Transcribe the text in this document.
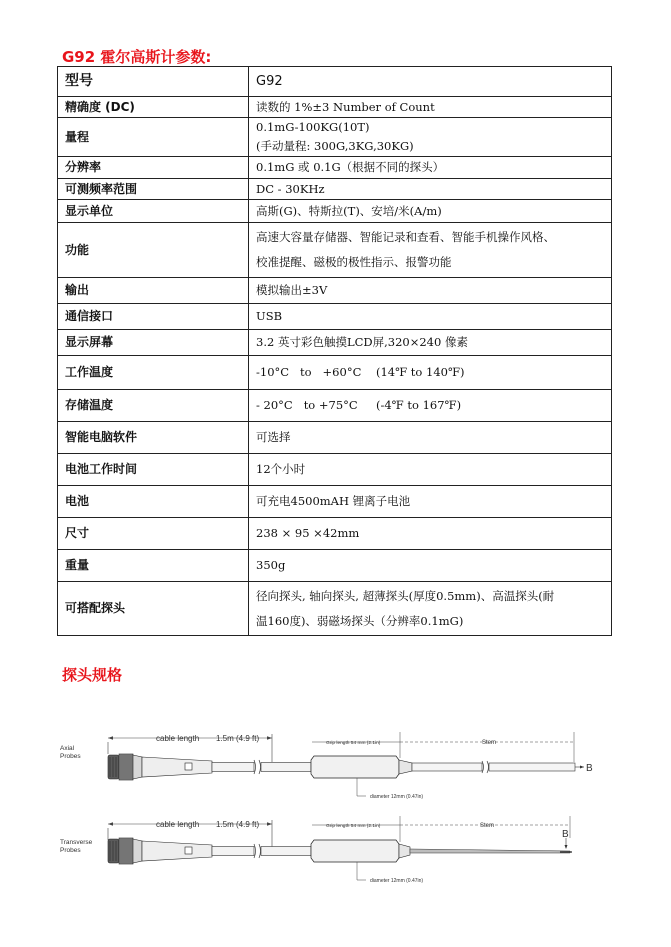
G92 霍尔高斯计参数:
型号	G92
精确度 (DC)	读数的 1%±3 Number of Count
量程	0.1mG-100KG(10T)
(手动量程: 300G,3KG,30KG)

分辨率	0.1mG 或 0.1G（根据不同的探头）
可测频率范围	DC - 30KHz
显示单位	高斯(G)、特斯拉(T)、安培/米(A/m)
功能	高速大容量存储器、智能记录和查看、智能手机操作风格、
校准提醒、磁极的极性指示、报警功能

输出	模拟输出±3V
通信接口	USB
显示屏幕	3.2 英寸彩色触摸LCD屏,320×240 像素
工作温度	-10°C   to   +60°C    (14℉ to 140℉)
存储温度	- 20°C   to +75°C     (-4℉ to 167℉)
智能电脑软件	可选择
电池工作时间	12个小时
电池	可充电4500mAH 锂离子电池
尺寸	238 × 95 ×42mm
重量	350g
可搭配探头	径向探头, 轴向探头, 超薄探头(厚度0.5mm)、高温探头(耐
温160度)、弱磁场探头（分辨率0.1mG)
探头规格
Axial
Probes
cable length 1.5m (4.9 ft)
Grip length 54 mm (2.1in)	Stem
B
diameter 12mm (0.47in)
Transverse
Probes
cable length 1.5m (4.9 ft)	Grip length 54 mm (2.1in)	Stem
B
diameter 12mm (0.47in)
